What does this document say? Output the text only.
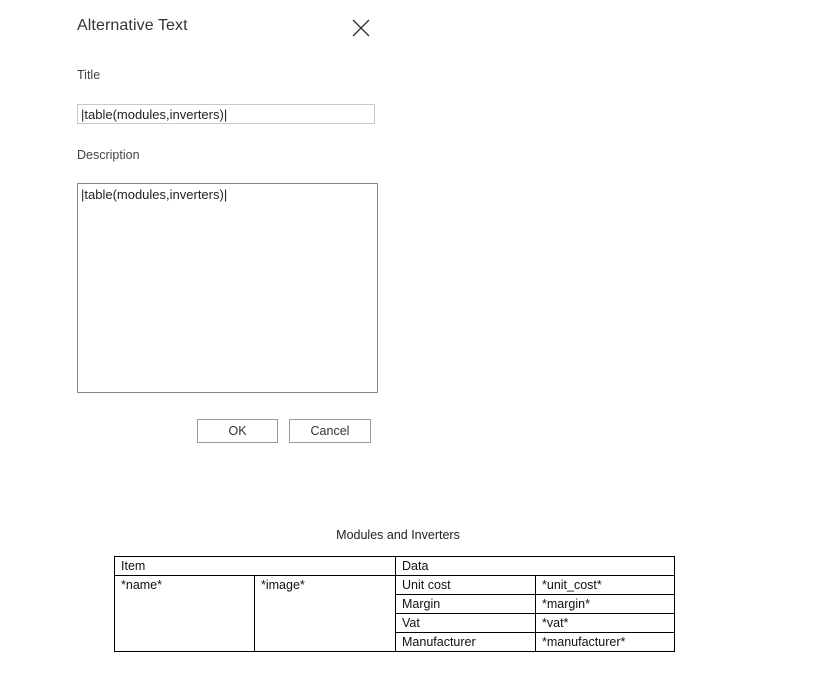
Alternative Text
Title
|table(modules,inverters)|
Description
|table(modules,inverters)|
OK	Cancel
Modules and Inverters
Item		Data	
*name*	*image*	Unit cost	*unit_cost*
		Margin	*margin*
		Vat	*vat*
		Manufacturer	*manufacturer*
